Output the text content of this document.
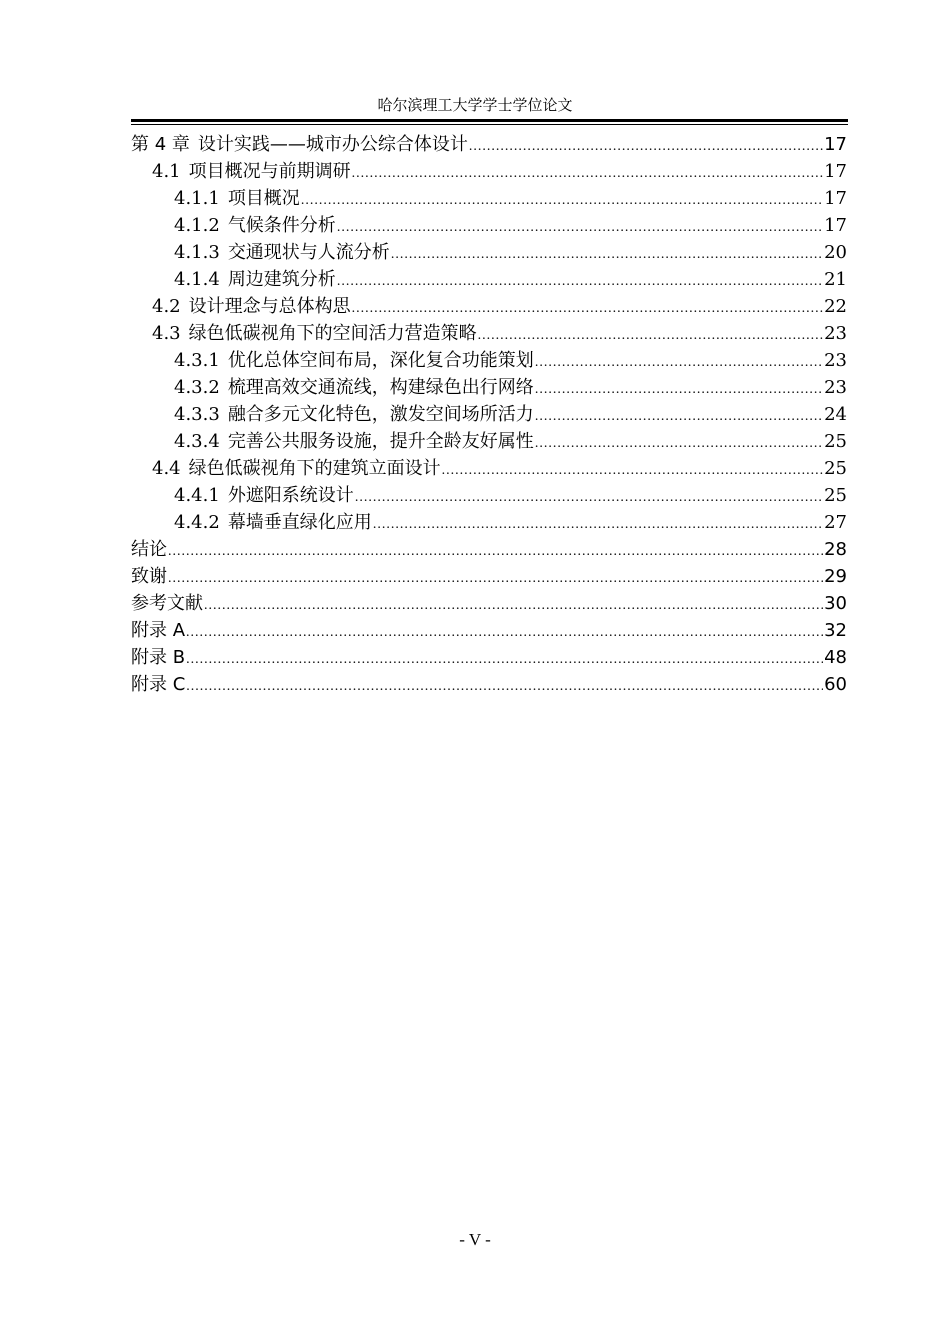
哈尔滨理工大学学士学位论文
第 4 章 设计实践——城市办公综合体设计 .....	17
4.1 项目概况与前期调研 .....	17
4.1.1 项目概况 .....	17
4.1.2 气候条件分析 .....	17
4.1.3 交通现状与人流分析 .....	20
4.1.4 周边建筑分析 .....	21
4.2 设计理念与总体构思 .....	22
4.3 绿色低碳视角下的空间活力营造策略 .....	23
4.3.1 优化总体空间布局，深化复合功能策划 .....	23
4.3.2 梳理高效交通流线，构建绿色出行网络 .....	23
4.3.3 融合多元文化特色，激发空间场所活力 .....	24
4.3.4 完善公共服务设施，提升全龄友好属性 .....	25
4.4 绿色低碳视角下的建筑立面设计 .....	25
4.4.1 外遮阳系统设计 .....	25
4.4.2 幕墙垂直绿化应用 .....	27
结论 .....	28
致谢 .....	29
参考文献 .....	30
附录 A .....	32
附录 B .....	48
附录 C .....	60
- V -
